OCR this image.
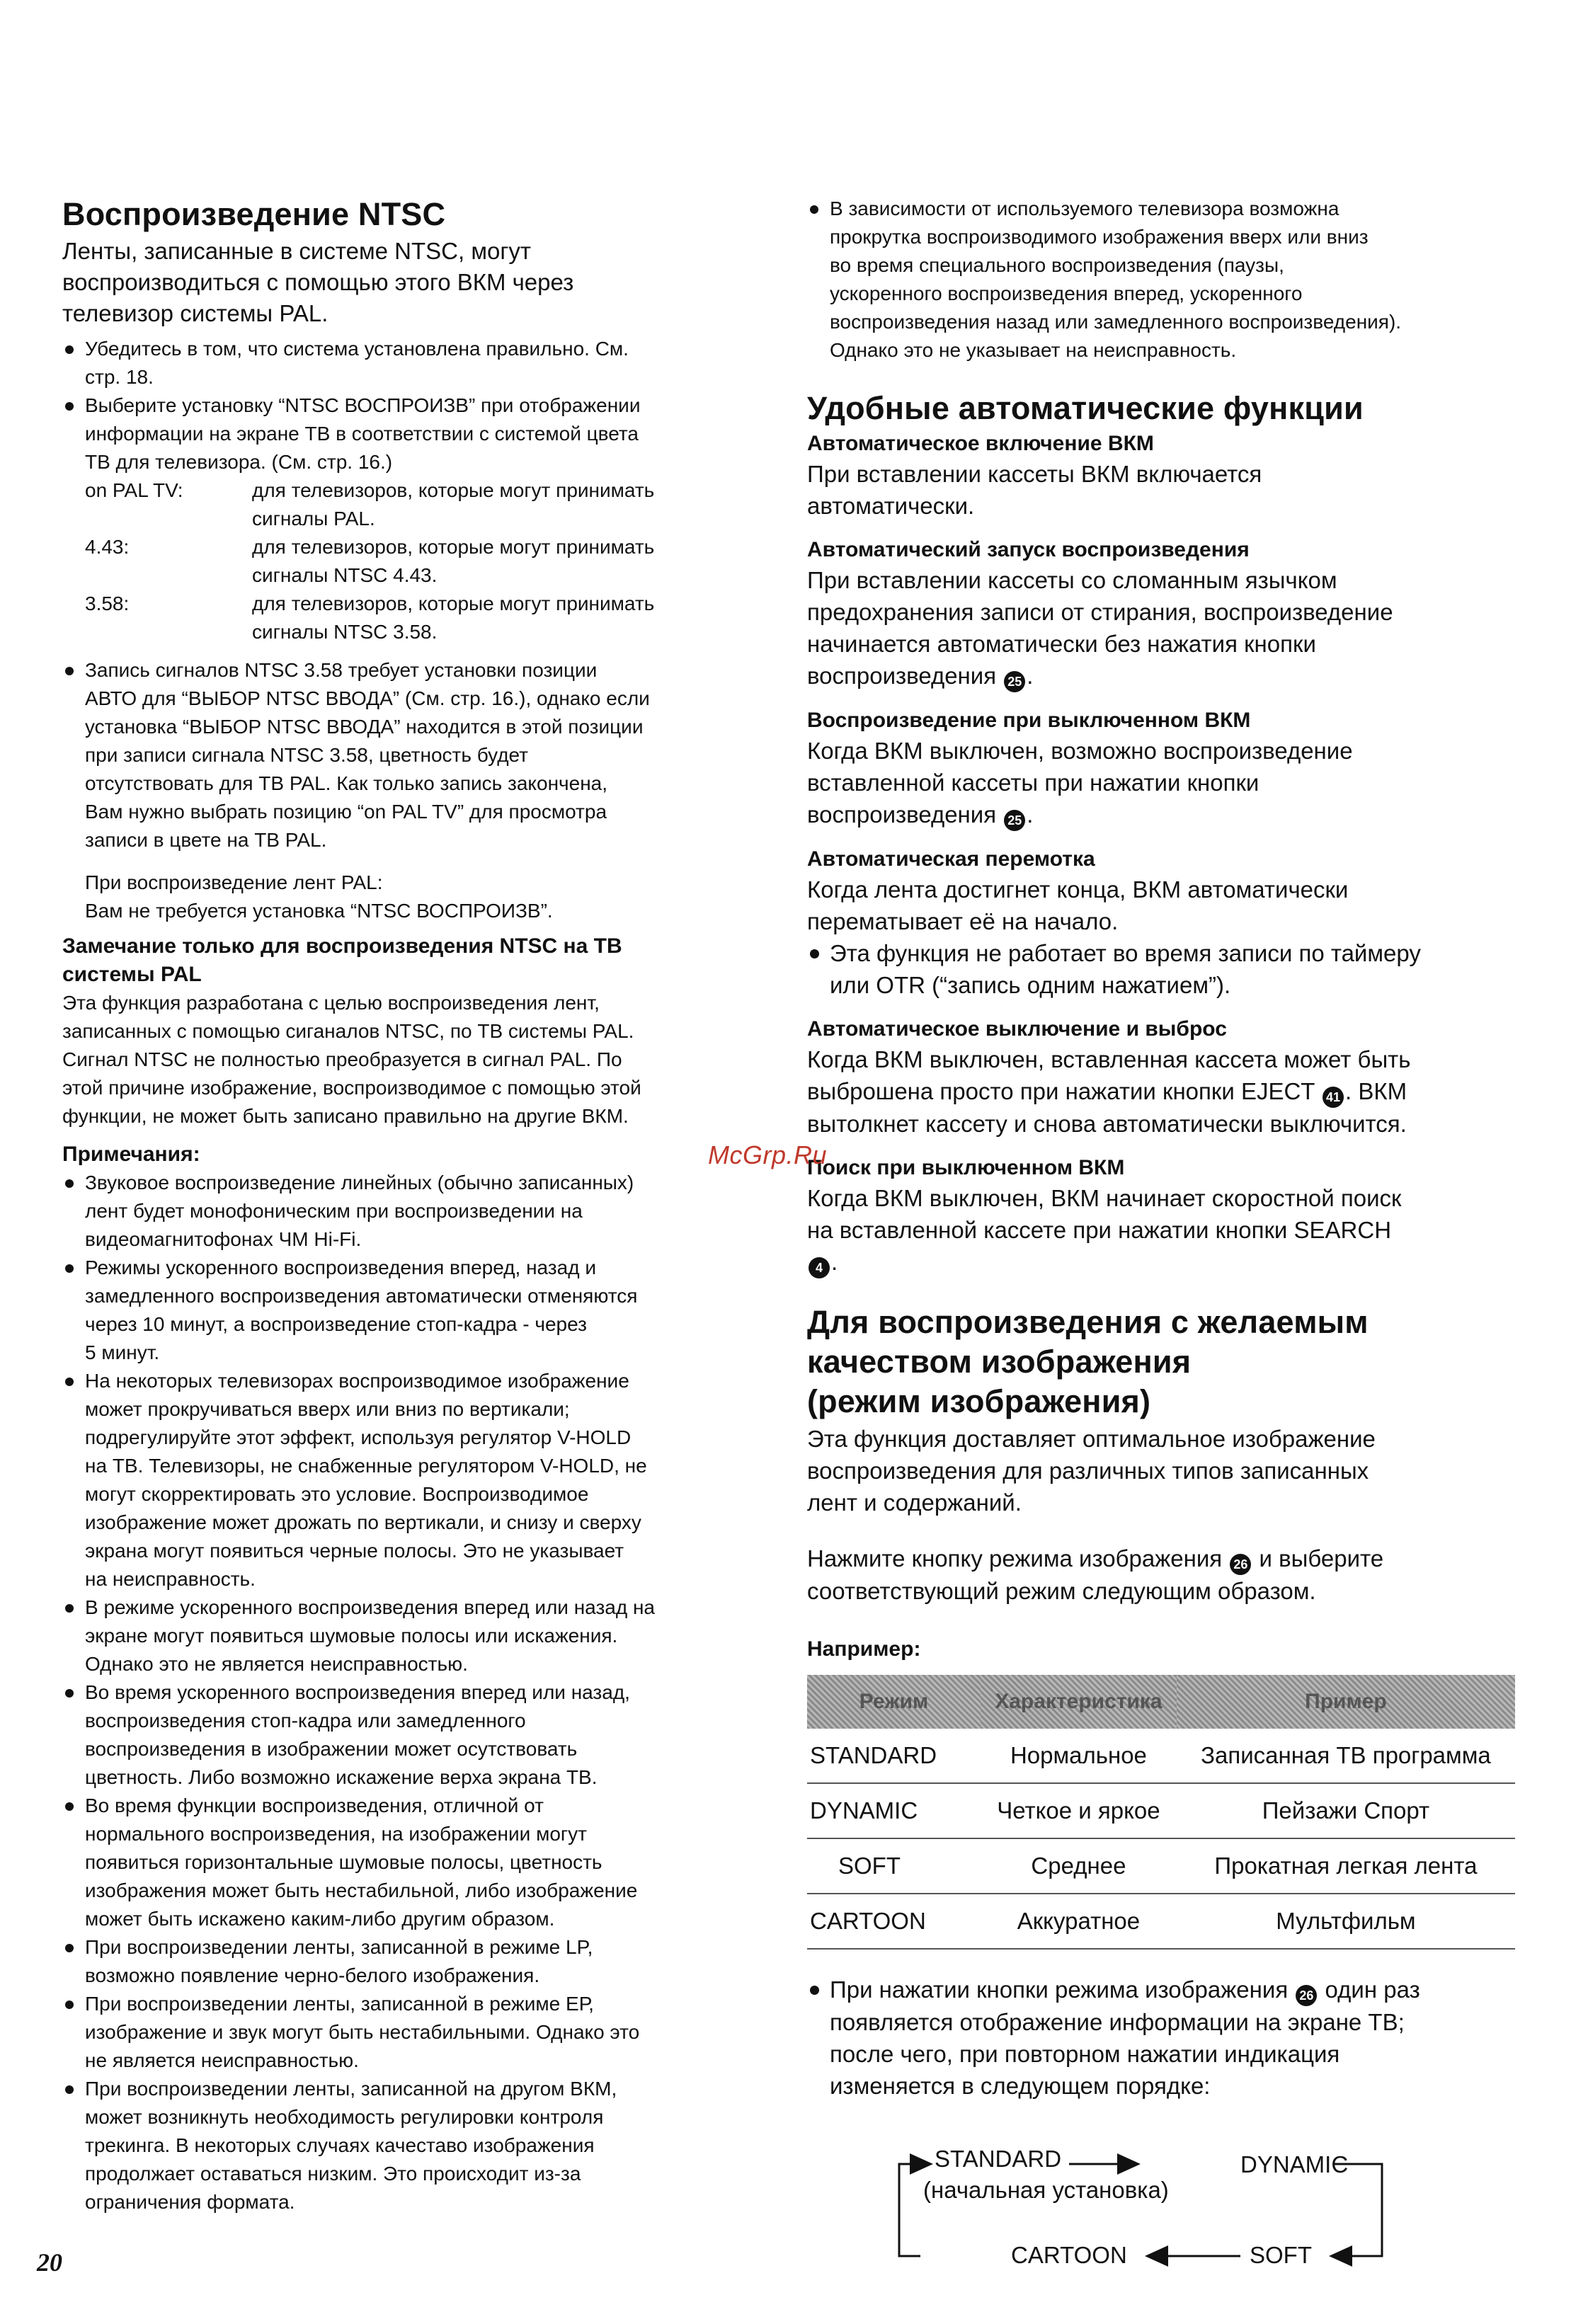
Воспроизведение NTSC
Ленты, записанные в системе NTSC, могут
воспроизводиться с помощью этого ВКМ через
телевизор системы PAL.
Убедитесь в том, что система установлена правильно. См.
стр. 18.
Выберите установку “NTSC ВОСПРОИЗВ” при отображении
информации на экране ТВ в соответствии с системой цвета
ТВ для телевизора. (См. стр. 16.)
on PAL TV:	для телевизоров, которые могут принимать
сигналы PAL.
4.43:	для телевизоров, которые могут принимать
сигналы NTSC 4.43.
3.58:	для телевизоров, которые могут принимать
сигналы NTSC 3.58.
Запись сигналов NTSC 3.58 требует установки позиции
АВТО для “ВЫБОР NTSC ВВОДА” (См. стр. 16.), однако если
установка “ВЫБОР NTSC ВВОДА” находится в этой позиции
при записи сигнала NTSC 3.58, цветность будет
отсутствовать для ТВ PAL. Как только запись закончена,
Вам нужно выбрать позицию “on PAL TV” для просмотра
записи в цвете на ТВ PAL.
При воспроизведение лент PAL:
Вам не требуется установка “NTSC ВОСПРОИЗВ”.
Замечание только для воспроизведения NTSC на ТВ
системы PAL
Эта функция разработана с целью воспроизведения лент,
записанных с помощью сиганалов NTSC, по ТВ системы PAL.
Сигнал NTSC не полностью преобразуется в сигнал PAL. По
этой причине изображение, воспроизводимое с помощью этой
функции, не может быть записано правильно на другие ВКМ.
Примечания:
Звуковое воспроизведение линейных (обычно записанных)
лент будет монофоническим при воспроизведении на
видеомагнитофонах ЧМ Hi-Fi.
Режимы ускоренного воспроизведения вперед, назад и
замедленного воспроизведения автоматически отменяются
через 10 минут, а воспроизведение стоп-кадра - через
5 минут.
На некоторых телевизорах воспроизводимое изображение
может прокручиваться вверх или вниз по вертикали;
подрегулируйте этот эффект, используя регулятор V-HOLD
на ТВ. Телевизоры, не снабженные регулятором V-HOLD, не
могут скорректировать это условие. Воспроизводимое
изображение может дрожать по вертикали, и снизу и сверху
экрана могут появиться черные полосы. Это не указывает
на неисправность.
В режиме ускоренного воспроизведения вперед или назад на
экране могут появиться шумовые полосы или искажения.
Однако это не является неисправностью.
Во время ускоренного воспроизведения вперед или назад,
воспроизведения стоп-кадра или замедленного
воспроизведения в изображении может осутствовать
цветность. Либо возможно искажение верха экрана ТВ.
Во время функции воспроизведения, отличной от
нормального воспроизведения, на изображении могут
появиться горизонтальные шумовые полосы, цветность
изображения может быть нестабильной, либо изображение
может быть искажено каким-либо другим образом.
При воспроизведении ленты, записанной в режиме LP,
возможно появление черно-белого изображения.
При воспроизведении ленты, записанной в режиме ЕР,
изображение и звук могут быть нестабильными. Однако это
не является неисправностью.
При воспроизведении ленты, записанной на другом ВКМ,
может возникнуть необходимость регулировки контроля
трекинга. В некоторых случаях качеставо изображения
продолжает оставаться низким. Это происходит из-за
ограничения формата.
В зависимости от используемого телевизора возможна
прокрутка воспроизводимого изображения вверх или вниз
во время специального воспроизведения (паузы,
ускоренного воспроизведения вперед, ускоренного
воспроизведения назад или замедленного воспроизведения).
Однако это не указывает на неисправность.
Удобные автоматические функции
Автоматическое включение ВКМ
При вставлении кассеты ВКМ включается
автоматически.
Автоматический запуск воспроизведения
При вставлении кассеты со сломанным язычком
предохранения записи от стирания, воспроизведение
начинается автоматически без нажатия кнопки
воспроизведения 25 .
Воспроизведение при выключенном ВКМ
Когда ВКМ выключен, возможно воспроизведение
вставленной кассеты при нажатии кнопки
воспроизведения 25 .
Автоматическая перемотка
Когда лента достигнет конца, ВКМ автоматически
перематывает её на начало.
Эта функция не работает во время записи по таймеру
или OTR (“запись одним нажатием”).
Автоматическое выключение и выброс
Когда ВКМ выключен, вставленная кассета может быть
выброшена просто при нажатии кнопки EJECT 41 . ВКМ
вытолкнет кассету и снова автоматически выключится.
Поиск при выключенном ВКМ
Когда ВКМ выключен, ВКМ начинает скоростной поиск
на вставленной кассете при нажатии кнопки SEARCH
4 .
Для воспроизведения с желаемым
качеством изображения
(режим изображения)
Эта функция доставляет оптимальное изображение
воспроизведения для различных типов записанных
лент и содержаний.
Нажмите кнопку режима изображения 26 и выберите
соответствующий режим следующим образом.
Например:
Режим	Характеристика	Пример
STANDARD	Нормальное	Записанная ТВ программа
DYNAMIC	Четкое и яркое	Пейзажи Спорт
SOFT	Среднее	Прокатная легкая лента
CARTOON	Аккуратное	Мультфильм
При нажатии кнопки режима изображения 26 один раз
появляется отображение информации на экране ТВ;
после чего, при повторном нажатии индикация
изменяется в следующем порядке:
STANDARD
(начальная установка)
DYNAMIC
CARTOON	SOFT
McGrp.Ru
20
